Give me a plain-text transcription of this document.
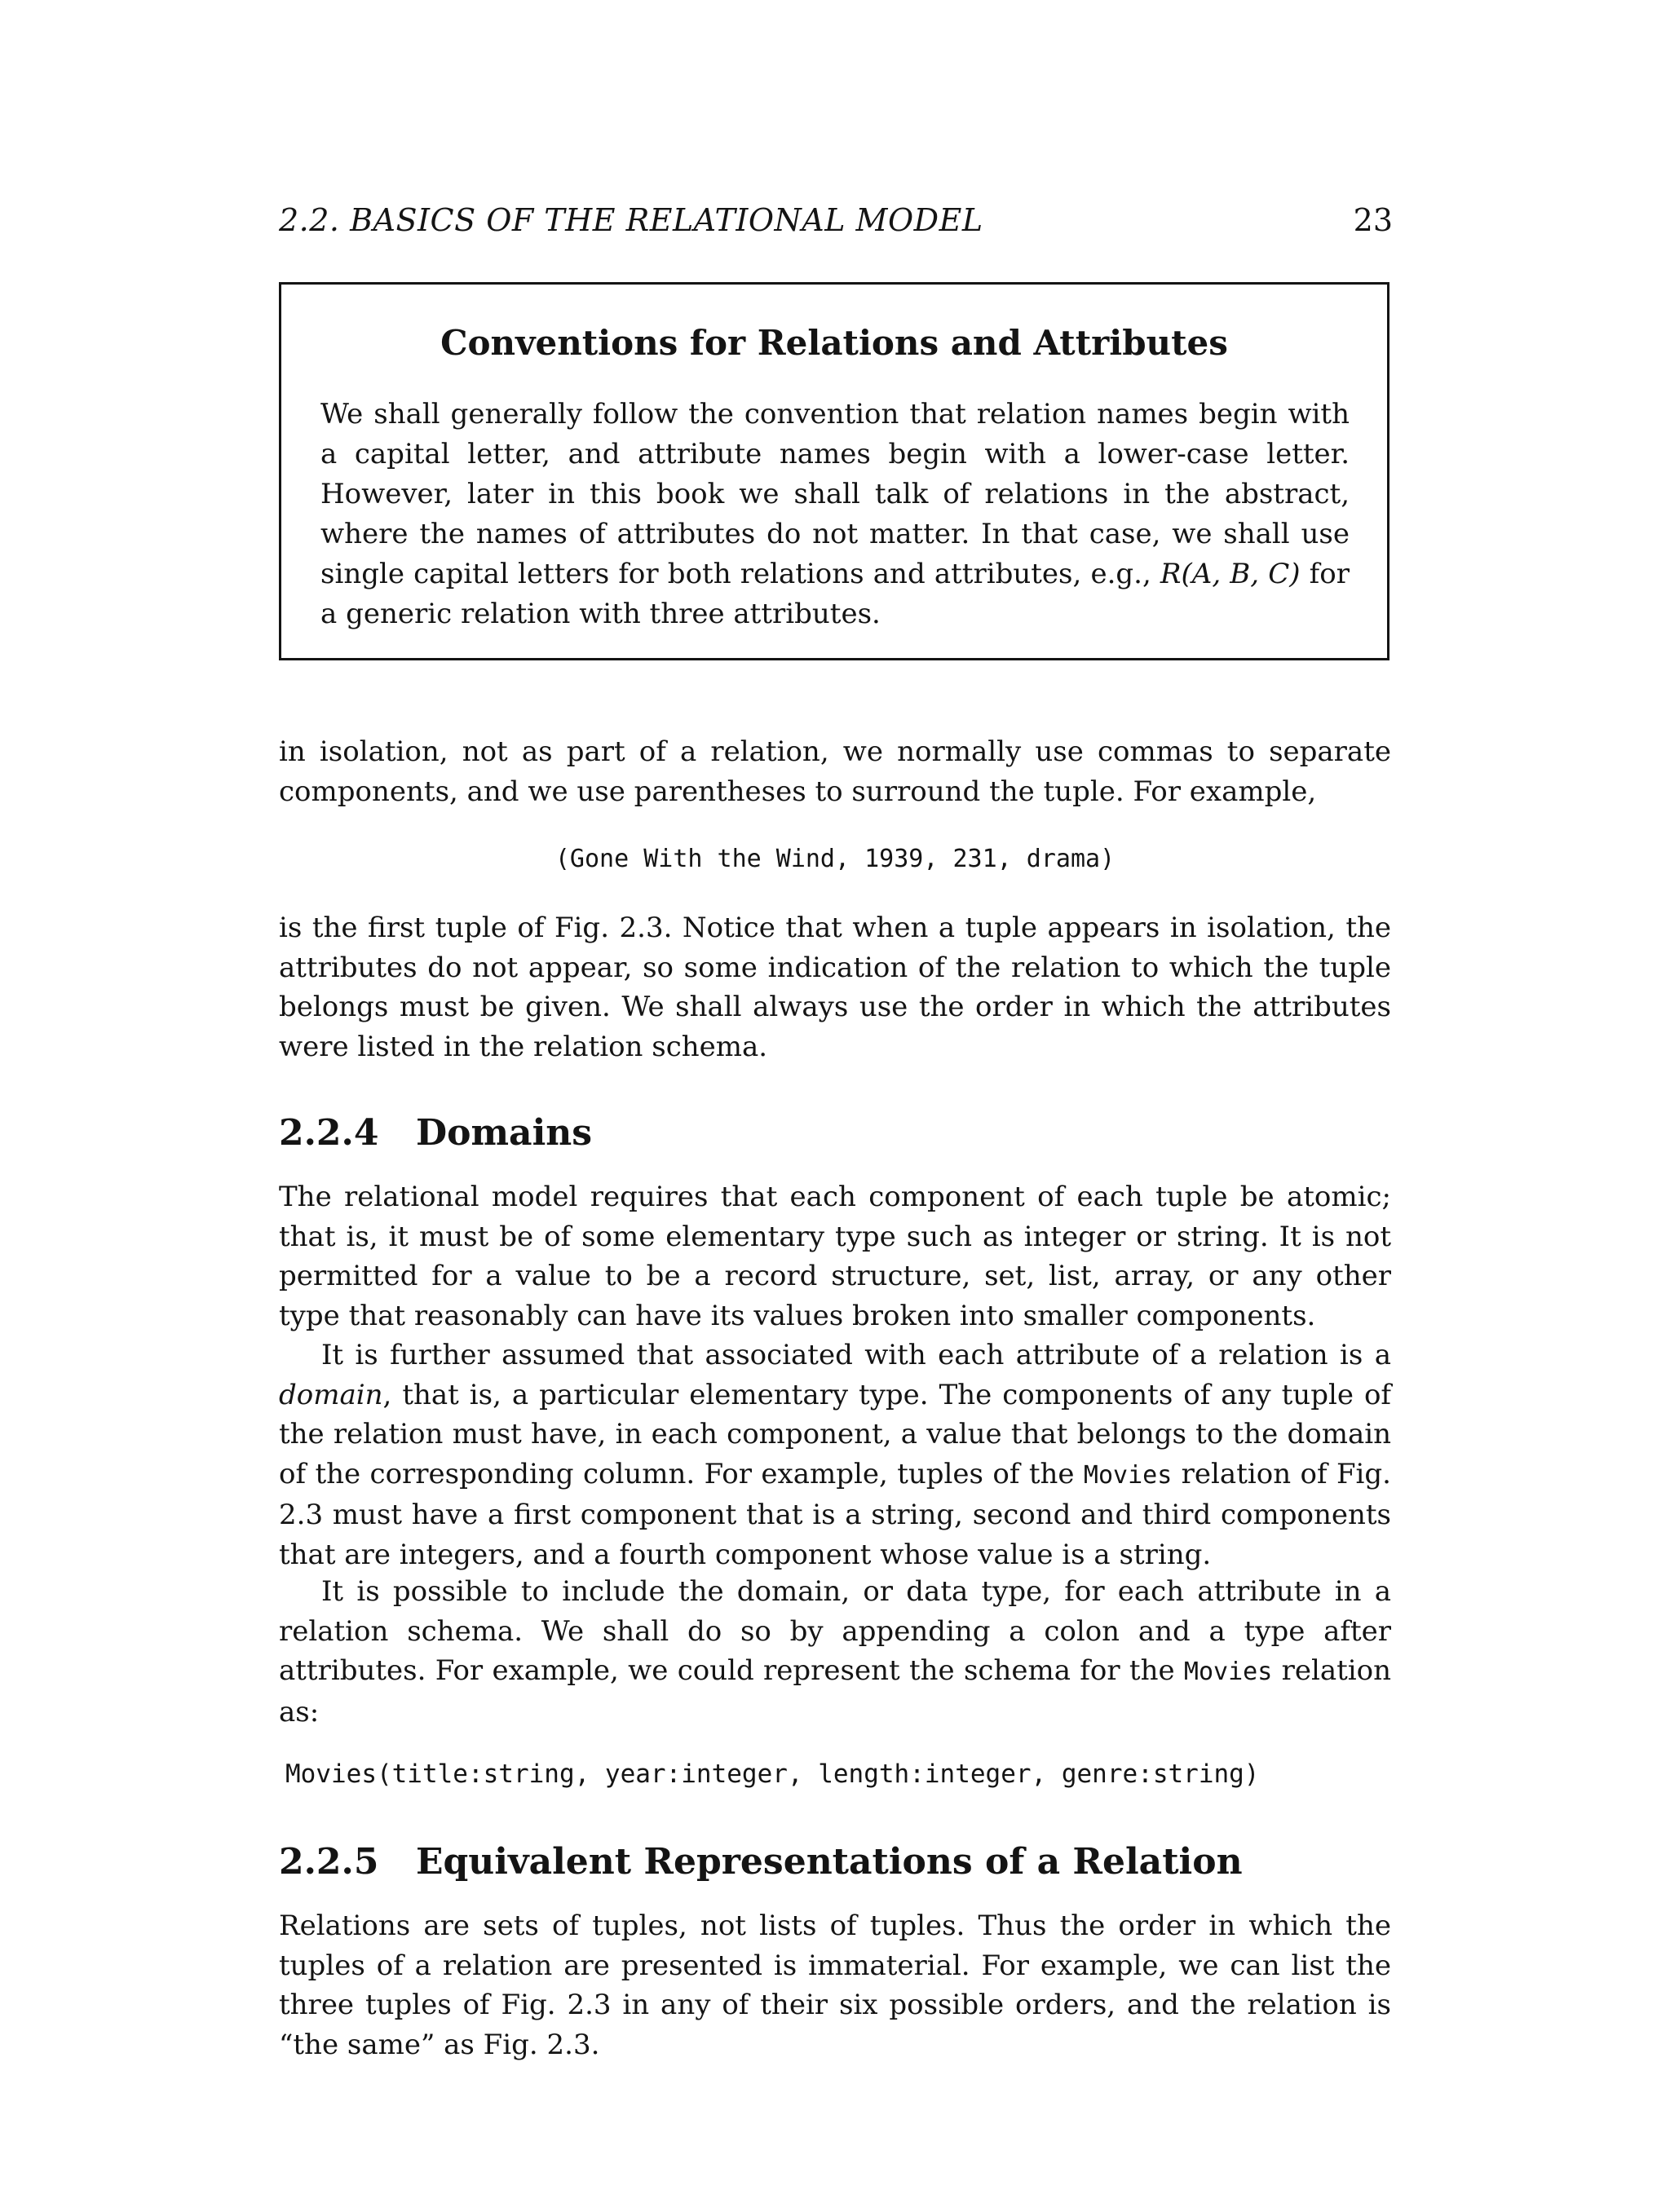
2.2. BASICS OF THE RELATIONAL MODEL	23
Conventions for Relations and Attributes
We shall generally follow the convention that relation names begin with a capital letter, and attribute names begin with a lower-case letter. However, later in this book we shall talk of relations in the abstract, where the names of attributes do not matter. In that case, we shall use single capital letters for both relations and attributes, e.g., R(A, B, C) for a generic relation with three attributes.
in isolation, not as part of a relation, we normally use commas to separate components, and we use parentheses to surround the tuple. For example,
(Gone With the Wind, 1939, 231, drama)
is the first tuple of Fig. 2.3. Notice that when a tuple appears in isolation, the attributes do not appear, so some indication of the relation to which the tuple belongs must be given. We shall always use the order in which the attributes were listed in the relation schema.
2.2.4 Domains
The relational model requires that each component of each tuple be atomic; that is, it must be of some elementary type such as integer or string. It is not permitted for a value to be a record structure, set, list, array, or any other type that reasonably can have its values broken into smaller components.
It is further assumed that associated with each attribute of a relation is a domain, that is, a particular elementary type. The components of any tuple of the relation must have, in each component, a value that belongs to the domain of the corresponding column. For example, tuples of the Movies relation of Fig. 2.3 must have a first component that is a string, second and third components that are integers, and a fourth component whose value is a string.
It is possible to include the domain, or data type, for each attribute in a relation schema. We shall do so by appending a colon and a type after attributes. For example, we could represent the schema for the Movies relation as:
Movies(title:string, year:integer, length:integer, genre:string)
2.2.5 Equivalent Representations of a Relation
Relations are sets of tuples, not lists of tuples. Thus the order in which the tuples of a relation are presented is immaterial. For example, we can list the three tuples of Fig. 2.3 in any of their six possible orders, and the relation is “the same” as Fig. 2.3.
